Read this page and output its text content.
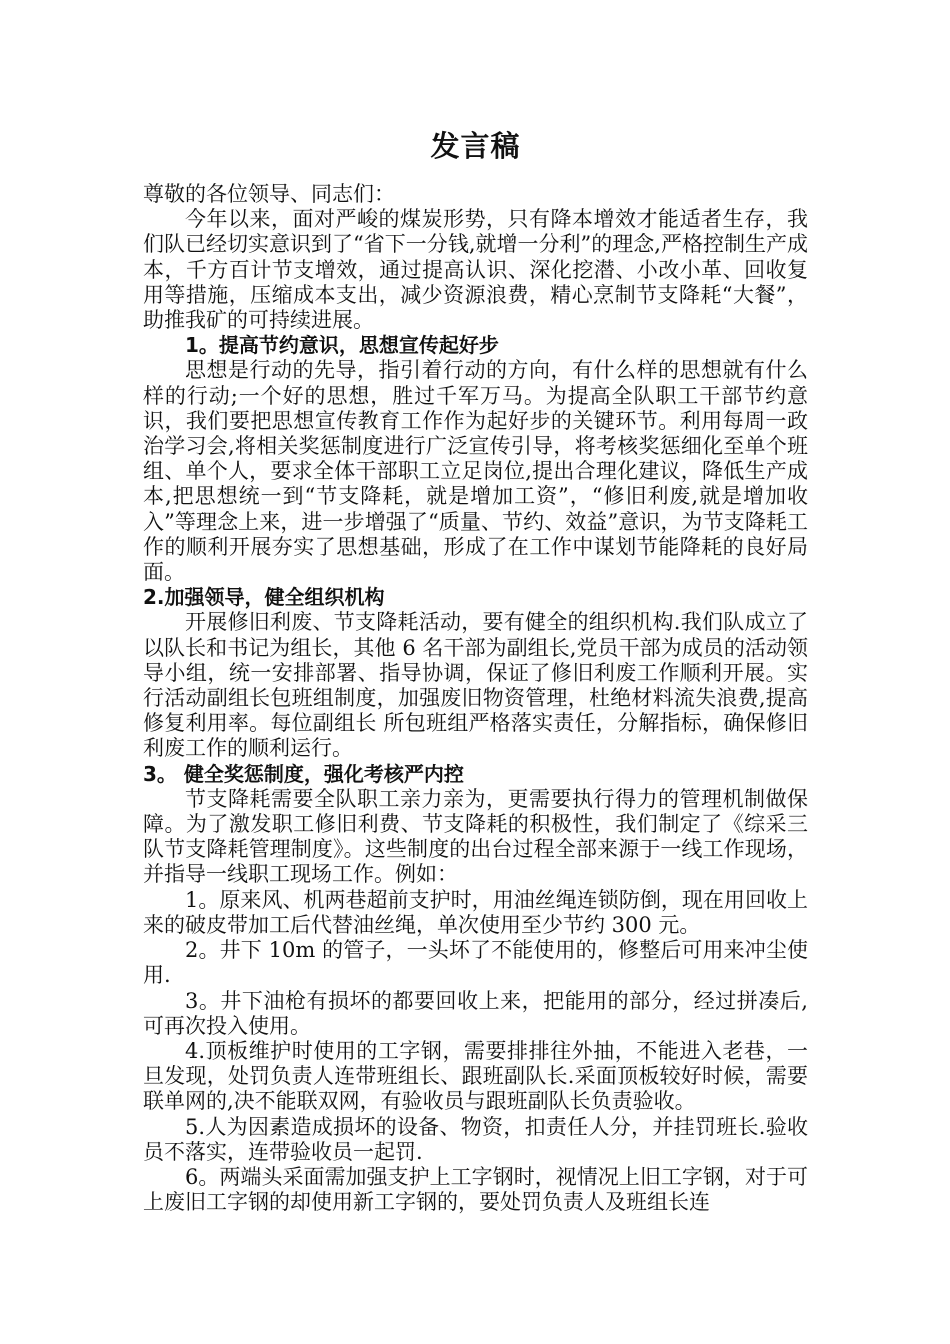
发言稿

尊敬的各位领导、同志们：

今年以来，面对严峻的煤炭形势，只有降本增效才能适者生存，我们队已经切实意识到了“省下一分钱,就增一分利”的理念,严格控制生产成本，千方百计节支增效，通过提高认识、深化挖潜、小改小革、回收复用等措施，压缩成本支出，减少资源浪费，精心烹制节支降耗“大餐”，助推我矿的可持续进展。

1。提高节约意识，思想宣传起好步

思想是行动的先导，指引着行动的方向，有什么样的思想就有什么样的行动;一个好的思想，胜过千军万马。为提高全队职工干部节约意识，我们要把思想宣传教育工作作为起好步的关键环节。利用每周一政治学习会,将相关奖惩制度进行广泛宣传引导，将考核奖惩细化至单个班组、单个人，要求全体干部职工立足岗位,提出合理化建议，降低生产成本,把思想统一到“节支降耗，就是增加工资”，“修旧利废,就是增加收入”等理念上来，进一步增强了“质量、节约、效益”意识，为节支降耗工作的顺利开展夯实了思想基础，形成了在工作中谋划节能降耗的良好局面。

2.加强领导，健全组织机构

开展修旧利废、节支降耗活动，要有健全的组织机构.我们队成立了以队长和书记为组长，其他 6 名干部为副组长,党员干部为成员的活动领导小组，统一安排部署、指导协调，保证了修旧利废工作顺利开展。实行活动副组长包班组制度，加强废旧物资管理，杜绝材料流失浪费,提高修复利用率。每位副组长 所包班组严格落实责任，分解指标，确保修旧利废工作的顺利运行。

3。 健全奖惩制度，强化考核严内控

节支降耗需要全队职工亲力亲为，更需要执行得力的管理机制做保障。为了激发职工修旧利费、节支降耗的积极性，我们制定了《综采三队节支降耗管理制度》。这些制度的出台过程全部来源于一线工作现场，并指导一线职工现场工作。例如：

1。原来风、机两巷超前支护时，用油丝绳连锁防倒，现在用回收上来的破皮带加工后代替油丝绳，单次使用至少节约 300 元。

2。井下 10m 的管子，一头坏了不能使用的，修整后可用来冲尘使用.

3。井下油枪有损坏的都要回收上来，把能用的部分，经过拼凑后,可再次投入使用。

4.顶板维护时使用的工字钢，需要排排往外抽，不能进入老巷，一旦发现，处罚负责人连带班组长、跟班副队长.采面顶板较好时候，需要联单网的,决不能联双网，有验收员与跟班副队长负责验收。

5.人为因素造成损坏的设备、物资，扣责任人分，并挂罚班长.验收员不落实，连带验收员一起罚.

6。两端头采面需加强支护上工字钢时，视情况上旧工字钢，对于可上废旧工字钢的却使用新工字钢的，要处罚负责人及班组长连
